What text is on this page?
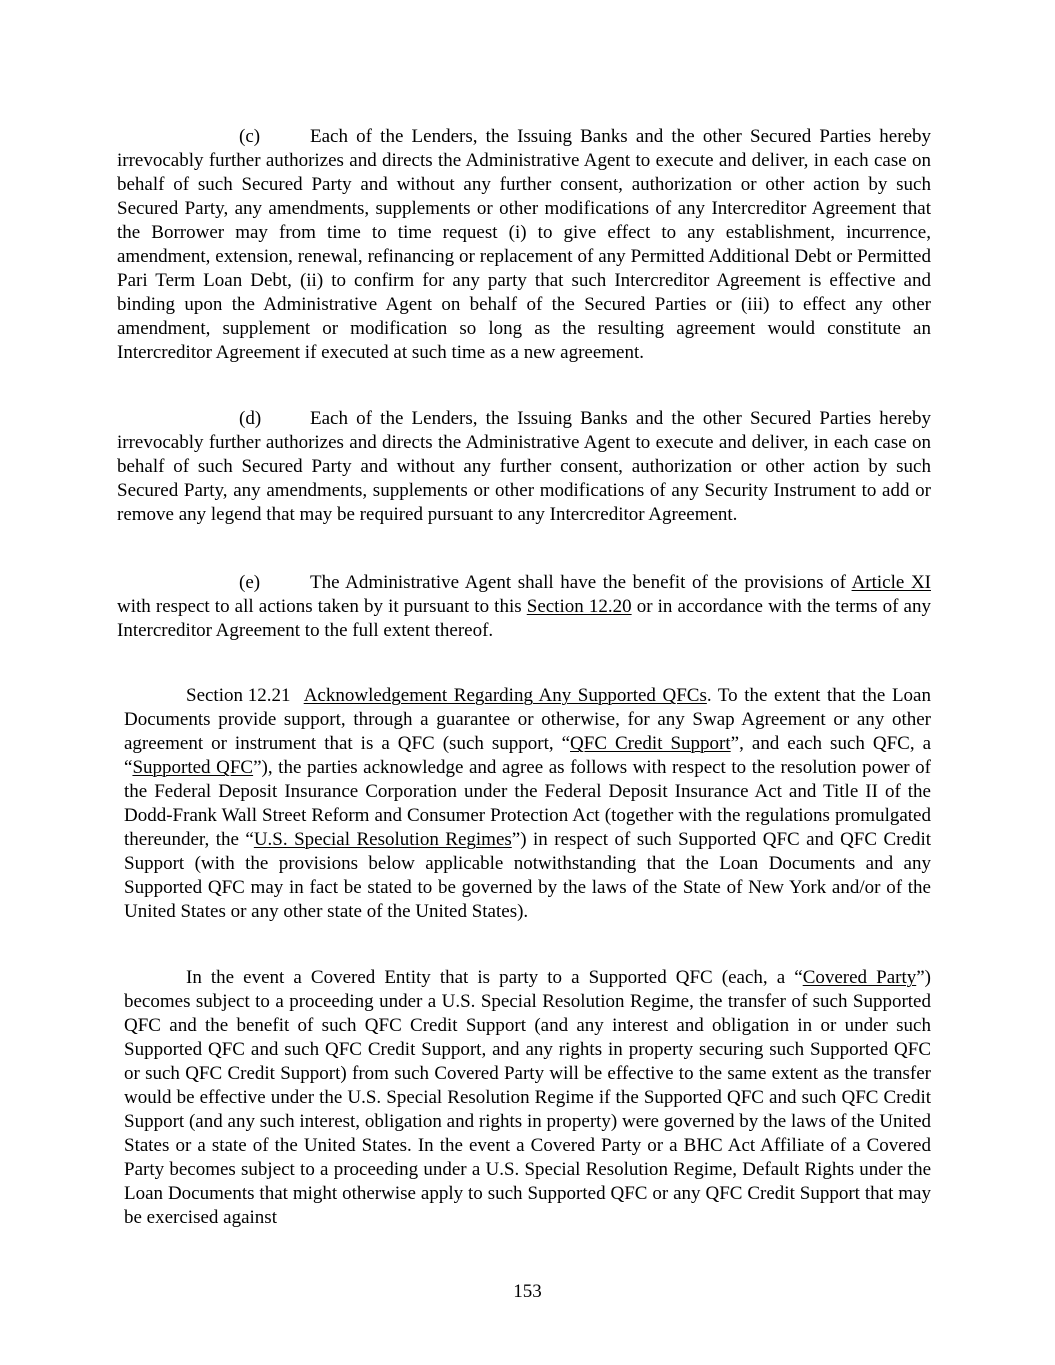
(c)	Each of the Lenders, the Issuing Banks and the other Secured Parties hereby irrevocably further authorizes and directs the Administrative Agent to execute and deliver, in each case on behalf of such Secured Party and without any further consent, authorization or other action by such Secured Party, any amendments, supplements or other modifications of any Intercreditor Agreement that the Borrower may from time to time request (i) to give effect to any establishment, incurrence, amendment, extension, renewal, refinancing or replacement of any Permitted Additional Debt or Permitted Pari Term Loan Debt, (ii) to confirm for any party that such Intercreditor Agreement is effective and binding upon the Administrative Agent on behalf of the Secured Parties or (iii) to effect any other amendment, supplement or modification so long as the resulting agreement would constitute an Intercreditor Agreement if executed at such time as a new agreement.

(d)	Each of the Lenders, the Issuing Banks and the other Secured Parties hereby irrevocably further authorizes and directs the Administrative Agent to execute and deliver, in each case on behalf of such Secured Party and without any further consent, authorization or other action by such Secured Party, any amendments, supplements or other modifications of any Security Instrument to add or remove any legend that may be required pursuant to any Intercreditor Agreement.

(e)	The Administrative Agent shall have the benefit of the provisions of Article XI with respect to all actions taken by it pursuant to this Section 12.20 or in accordance with the terms of any Intercreditor Agreement to the full extent thereof.

Section 12.21 Acknowledgement Regarding Any Supported QFCs. To the extent that the Loan Documents provide support, through a guarantee or otherwise, for any Swap Agreement or any other agreement or instrument that is a QFC (such support, “QFC Credit Support”, and each such QFC, a “Supported QFC”), the parties acknowledge and agree as follows with respect to the resolution power of the Federal Deposit Insurance Corporation under the Federal Deposit Insurance Act and Title II of the Dodd-Frank Wall Street Reform and Consumer Protection Act (together with the regulations promulgated thereunder, the “U.S. Special Resolution Regimes”) in respect of such Supported QFC and QFC Credit Support (with the provisions below applicable notwithstanding that the Loan Documents and any Supported QFC may in fact be stated to be governed by the laws of the State of New York and/or of the United States or any other state of the United States).

In the event a Covered Entity that is party to a Supported QFC (each, a “Covered Party”) becomes subject to a proceeding under a U.S. Special Resolution Regime, the transfer of such Supported QFC and the benefit of such QFC Credit Support (and any interest and obligation in or under such Supported QFC and such QFC Credit Support, and any rights in property securing such Supported QFC or such QFC Credit Support) from such Covered Party will be effective to the same extent as the transfer would be effective under the U.S. Special Resolution Regime if the Supported QFC and such QFC Credit Support (and any such interest, obligation and rights in property) were governed by the laws of the United States or a state of the United States. In the event a Covered Party or a BHC Act Affiliate of a Covered Party becomes subject to a proceeding under a U.S. Special Resolution Regime, Default Rights under the Loan Documents that might otherwise apply to such Supported QFC or any QFC Credit Support that may be exercised against

153
